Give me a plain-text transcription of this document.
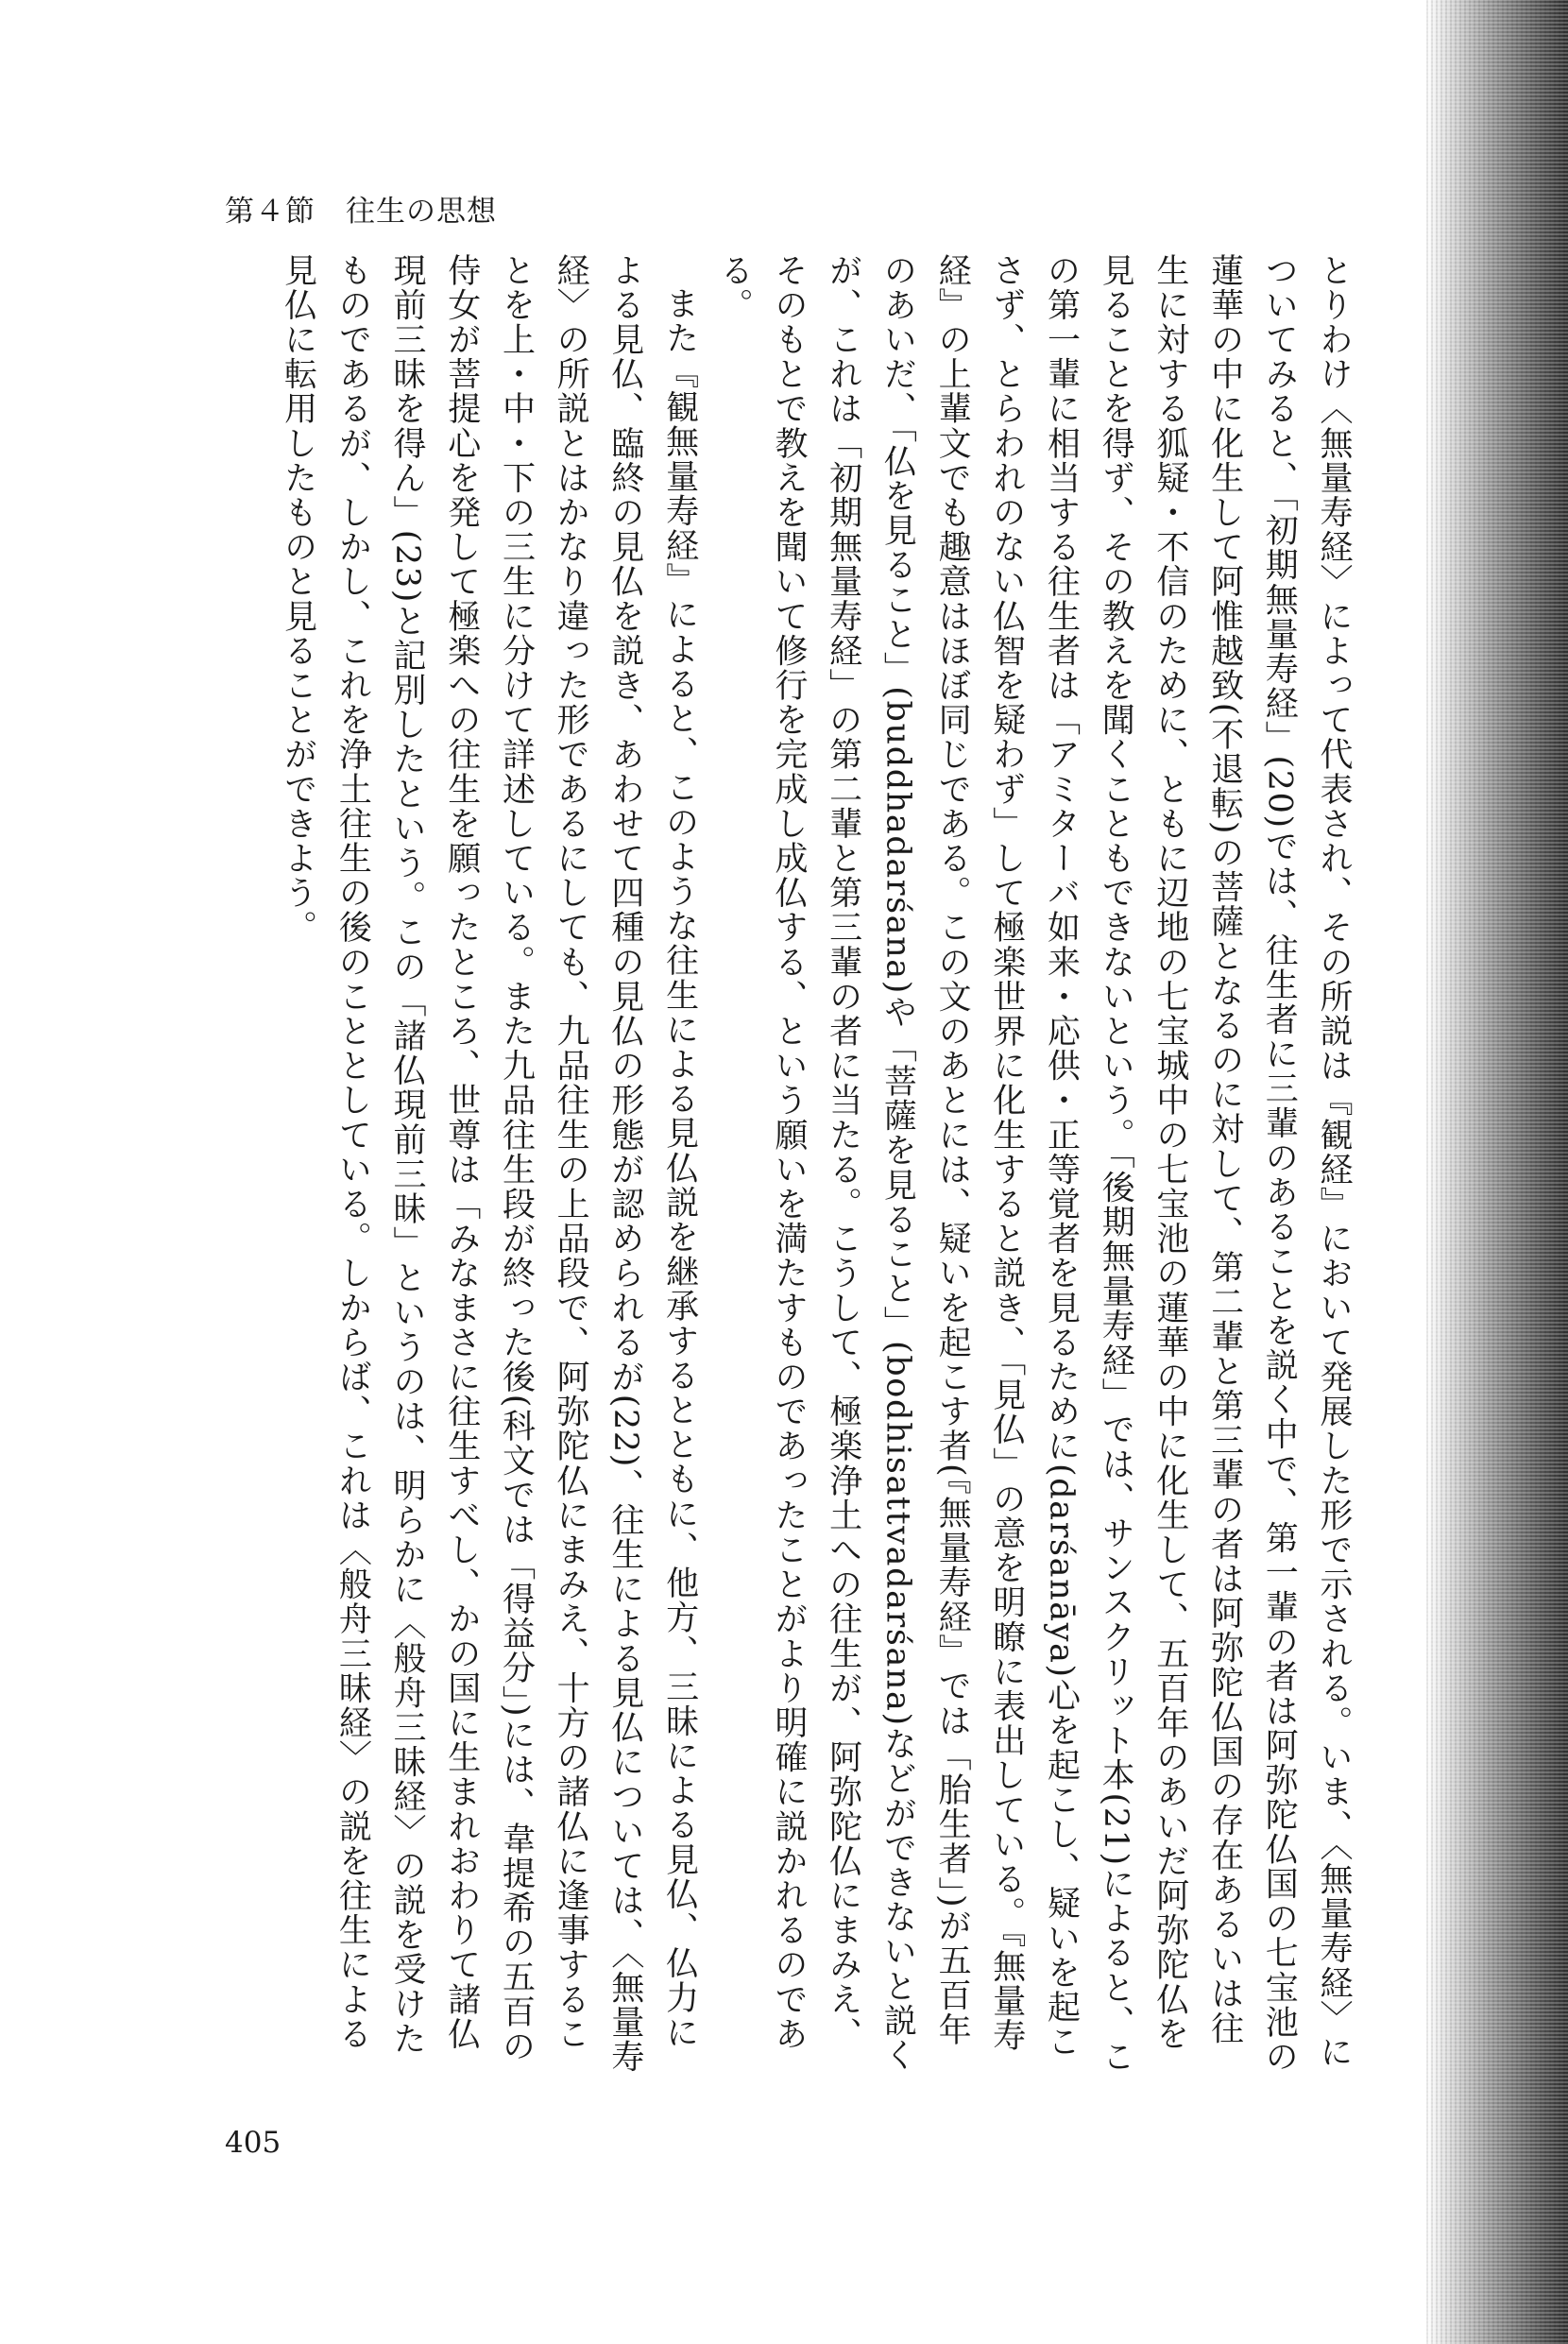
第４節　往生の思想

とりわけ〈無量寿経〉によって代表され、その所説は『観経』において発展した形で示される。いま、〈無量寿経〉についてみると、「初期無量寿経」(20)では、往生者に三輩のあることを説く中で、第一輩の者は阿弥陀仏国の七宝池の蓮華の中に化生して阿惟越致(不退転)の菩薩となるのに対して、第二輩と第三輩の者は阿弥陀仏国の存在あるいは往生に対する狐疑・不信のために、ともに辺地の七宝城中の七宝池の蓮華の中に化生して、五百年のあいだ阿弥陀仏を見ることを得ず、その教えを聞くこともできないという。「後期無量寿経」では、サンスクリット本(21)によると、この第一輩に相当する往生者は「アミターバ如来・応供・正等覚者を見るために(darśanāya)心を起こし、疑いを起こさず、とらわれのない仏智を疑わず」して極楽世界に化生すると説き、「見仏」の意を明瞭に表出している。『無量寿経』の上輩文でも趣意はほぼ同じである。この文のあとには、疑いを起こす者(『無量寿経』では「胎生者」)が五百年のあいだ、「仏を見ること」(buddhadarśana)や「菩薩を見ること」(bodhisattvadarśana)などができないと説くが、これは「初期無量寿経」の第二輩と第三輩の者に当たる。こうして、極楽浄土への往生が、阿弥陀仏にまみえ、そのもとで教えを聞いて修行を完成し成仏する、という願いを満たすものであったことがより明確に説かれるのである。

また『観無量寿経』によると、このような往生による見仏説を継承するとともに、他方、三昧による見仏、仏力による見仏、臨終の見仏を説き、あわせて四種の見仏の形態が認められるが(22)、往生による見仏については、〈無量寿経〉の所説とはかなり違った形であるにしても、九品往生の上品段で、阿弥陀仏にまみえ、十方の諸仏に逢事することを上・中・下の三生に分けて詳述している。また九品往生段が終った後(科文では「得益分」)には、韋提希の五百の侍女が菩提心を発して極楽への往生を願ったところ、世尊は「みなまさに往生すべし、かの国に生まれおわりて諸仏現前三昧を得ん」(23)と記別したという。この「諸仏現前三昧」というのは、明らかに〈般舟三昧経〉の説を受けたものであるが、しかし、これを浄土往生の後のこととしている。しからば、これは〈般舟三昧経〉の説を往生による見仏に転用したものと見ることができよう。

405
